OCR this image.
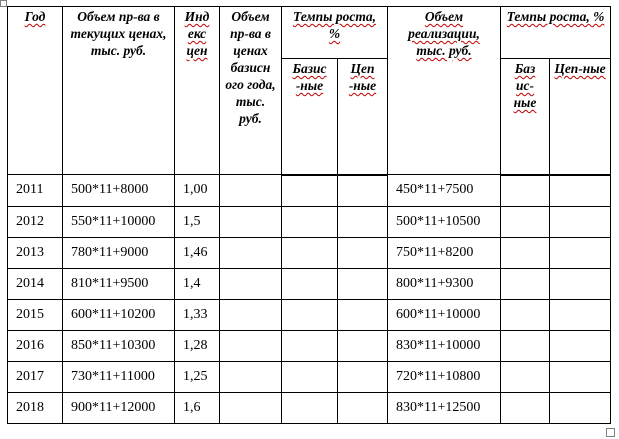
Год	Объем пр-ва в текущих ценах, тыс. руб.	Инд екс цен	Объем пр-ва в ценах базисн ого года, тыс. руб.	Темпы роста, %		Объем реализации, тыс. руб.	Темпы роста, %	
				Базис -ные	Цеп -ные		Баз ис-ные	Цеп-ные
2011	500*11+8000	1,00				450*11+7500		
2012	550*11+10000	1,5				500*11+10500		
2013	780*11+9000	1,46				750*11+8200		
2014	810*11+9500	1,4				800*11+9300		
2015	600*11+10200	1,33				600*11+10000		
2016	850*11+10300	1,28				830*11+10000		
2017	730*11+11000	1,25				720*11+10800		
2018	900*11+12000	1,6				830*11+12500		
